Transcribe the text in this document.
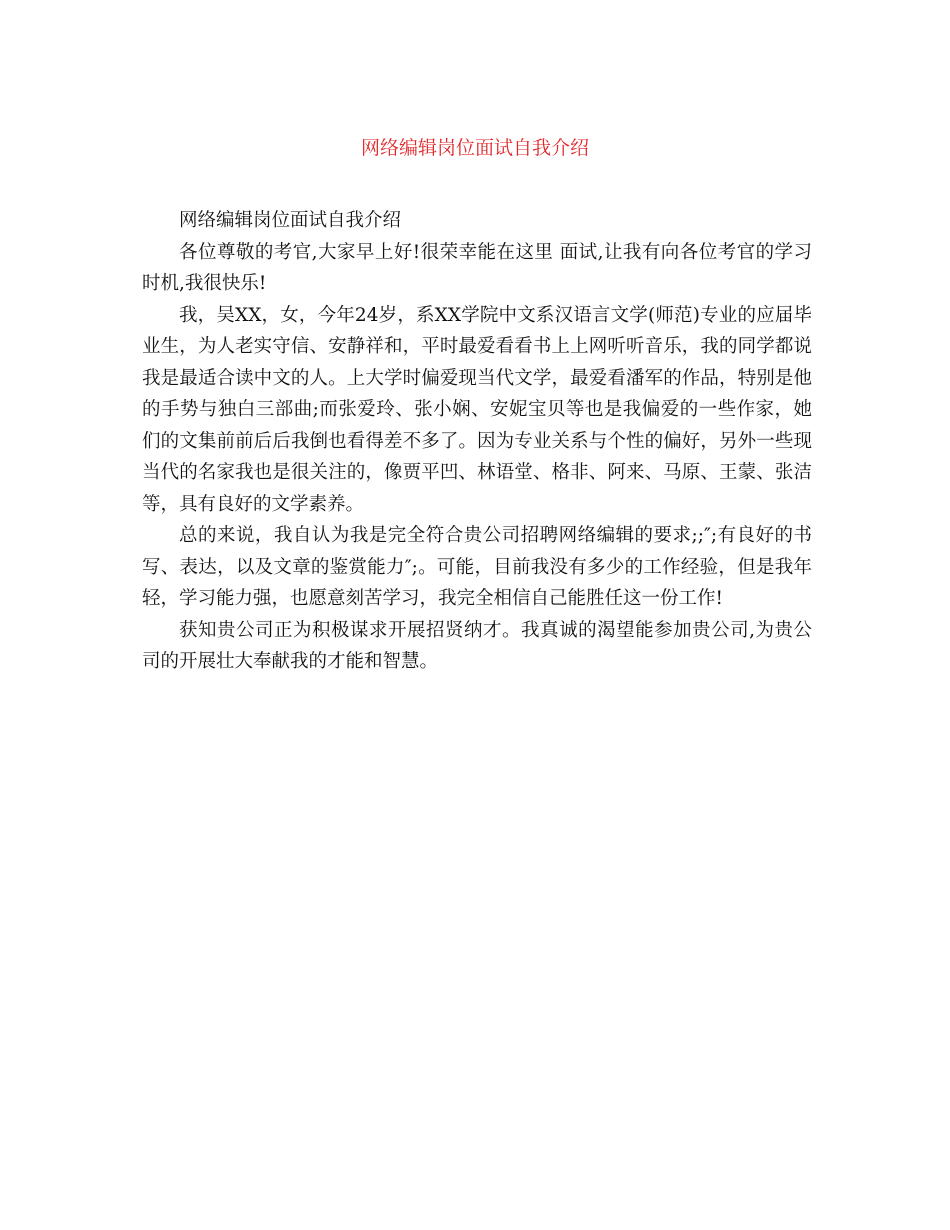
网络编辑岗位面试自我介绍

网络编辑岗位面试自我介绍

各位尊敬的考官,大家早上好!很荣幸能在这里 面试,让我有向各位考官的学习时机,我很快乐!

我，吴XX，女，今年24岁，系XX学院中文系汉语言文学(师范)专业的应届毕业生，为人老实守信、安静祥和，平时最爱看看书上上网听听音乐，我的同学都说我是最适合读中文的人。上大学时偏爱现当代文学，最爱看潘军的作品，特别是他的手势与独白三部曲;而张爱玲、张小娴、安妮宝贝等也是我偏爱的一些作家，她们的文集前前后后我倒也看得差不多了。因为专业关系与个性的偏好，另外一些现当代的名家我也是很关注的，像贾平凹、林语堂、格非、阿来、马原、王蒙、张洁等，具有良好的文学素养。

总的来说，我自认为我是完全符合贵公司招聘网络编辑的要求;;″;有良好的书写、表达，以及文章的鉴赏能力″;。可能，目前我没有多少的工作经验，但是我年轻，学习能力强，也愿意刻苦学习，我完全相信自己能胜任这一份工作!

获知贵公司正为积极谋求开展招贤纳才。我真诚的渴望能参加贵公司,为贵公司的开展壮大奉献我的才能和智慧。
